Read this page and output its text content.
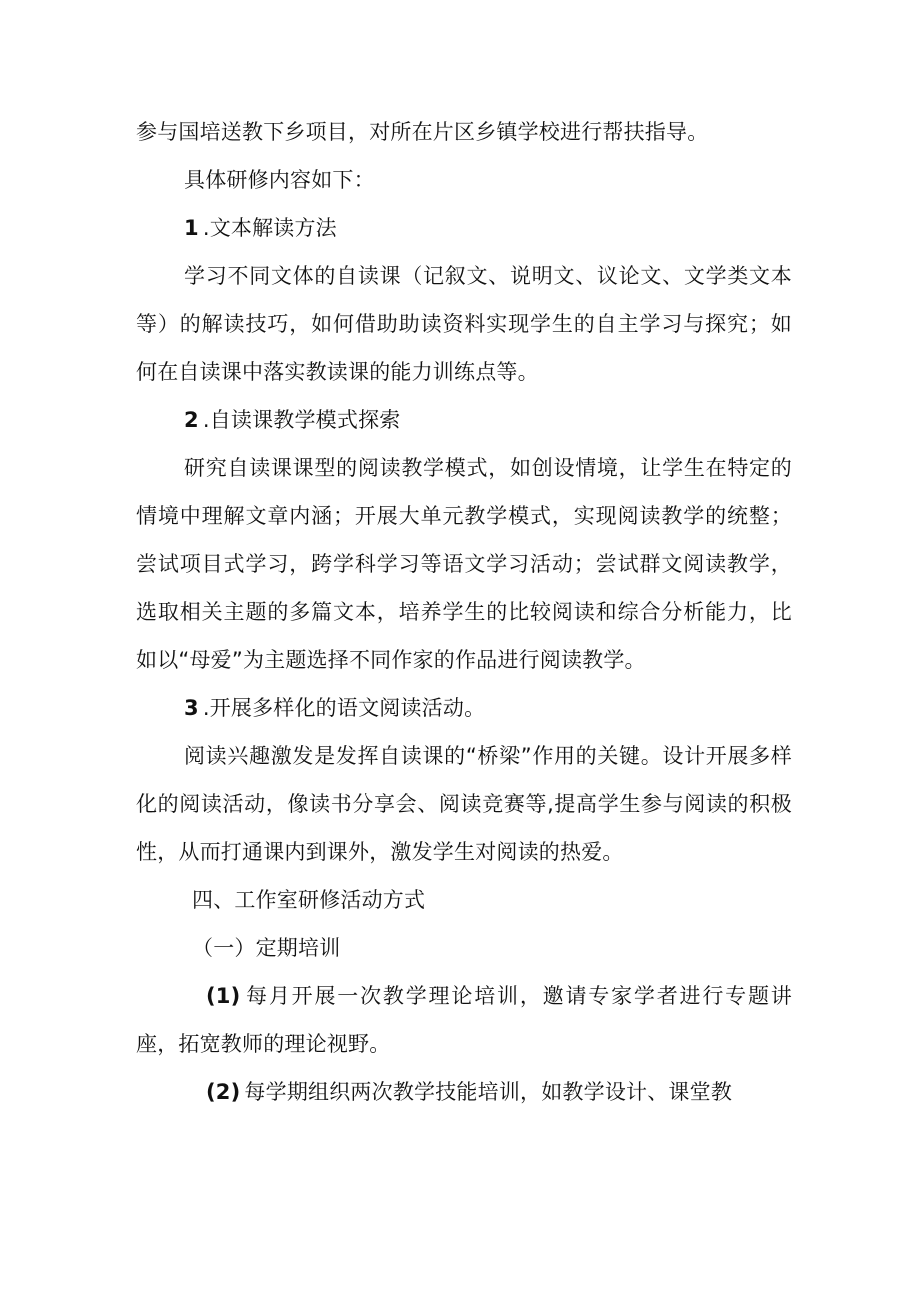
参与国培送教下乡项目，对所在片区乡镇学校进行帮扶指导。

具体研修内容如下：

1 .文本解读方法

学习不同文体的自读课（记叙文、说明文、议论文、文学类文本等）的解读技巧，如何借助助读资料实现学生的自主学习与探究；如何在自读课中落实教读课的能力训练点等。

2 .自读课教学模式探索

研究自读课课型的阅读教学模式，如创设情境，让学生在特定的情境中理解文章内涵；开展大单元教学模式，实现阅读教学的统整；尝试项目式学习，跨学科学习等语文学习活动；尝试群文阅读教学，选取相关主题的多篇文本，培养学生的比较阅读和综合分析能力，比如以“母爱”为主题选择不同作家的作品进行阅读教学。

3 .开展多样化的语文阅读活动。

阅读兴趣激发是发挥自读课的“桥梁”作用的关键。设计开展多样化的阅读活动，像读书分享会、阅读竞赛等,提高学生参与阅读的积极性，从而打通课内到课外，激发学生对阅读的热爱。

四、工作室研修活动方式

（一）定期培训

(1) 每月开展一次教学理论培训，邀请专家学者进行专题讲座，拓宽教师的理论视野。

(2) 每学期组织两次教学技能培训，如教学设计、课堂教
